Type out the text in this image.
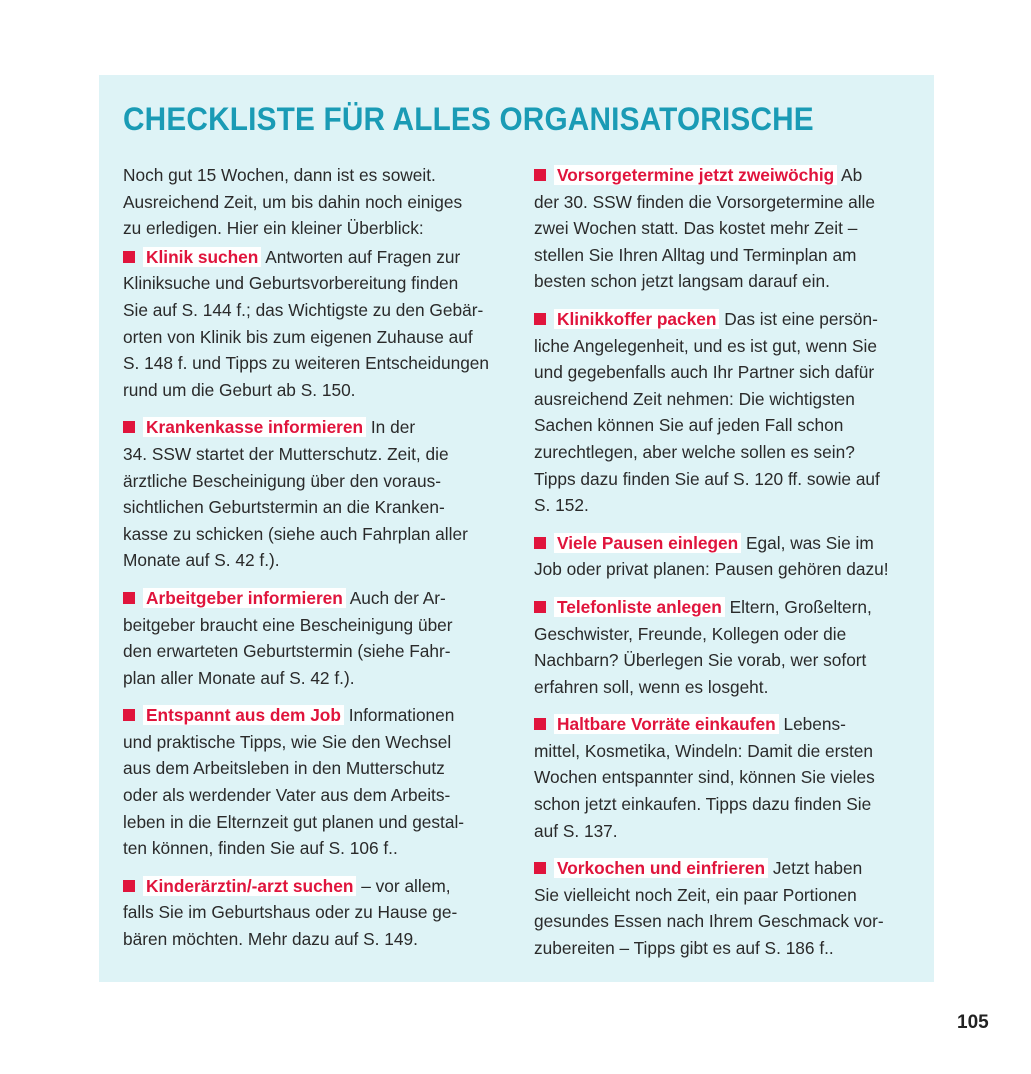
CHECKLISTE FÜR ALLES ORGANISATORISCHE
Noch gut 15 Wochen, dann ist es soweit.
Ausreichend Zeit, um bis dahin noch einiges
zu erledigen. Hier ein kleiner Überblick:
Klinik suchen Antworten auf Fragen zur
Kliniksuche und Geburtsvorbereitung finden
Sie auf S. 144 f.; das Wichtigste zu den Gebär-
orten von Klinik bis zum eigenen Zuhause auf
S. 148 f. und Tipps zu weiteren Entscheidungen
rund um die Geburt ab S. 150.
Krankenkasse informieren In der
34. SSW startet der Mutterschutz. Zeit, die
ärztliche Bescheinigung über den voraus-
sichtlichen Geburtstermin an die Kranken-
kasse zu schicken (siehe auch Fahrplan aller
Monate auf S. 42 f.).
Arbeitgeber informieren Auch der Ar-
beitgeber braucht eine Bescheinigung über
den erwarteten Geburtstermin (siehe Fahr-
plan aller Monate auf S. 42 f.).
Entspannt aus dem Job Informationen
und praktische Tipps, wie Sie den Wechsel
aus dem Arbeitsleben in den Mutterschutz
oder als werdender Vater aus dem Arbeits-
leben in die Elternzeit gut planen und gestal-
ten können, finden Sie auf S. 106 f..
Kinderärztin/-arzt suchen – vor allem,
falls Sie im Geburtshaus oder zu Hause ge-
bären möchten. Mehr dazu auf S. 149.
Vorsorgetermine jetzt zweiwöchig Ab
der 30. SSW finden die Vorsorgetermine alle
zwei Wochen statt. Das kostet mehr Zeit –
stellen Sie Ihren Alltag und Terminplan am
besten schon jetzt langsam darauf ein.
Klinikkoffer packen Das ist eine persön-
liche Angelegenheit, und es ist gut, wenn Sie
und gegebenfalls auch Ihr Partner sich dafür
ausreichend Zeit nehmen: Die wichtigsten
Sachen können Sie auf jeden Fall schon
zurechtlegen, aber welche sollen es sein?
Tipps dazu finden Sie auf S. 120 ff. sowie auf
S. 152.
Viele Pausen einlegen Egal, was Sie im
Job oder privat planen: Pausen gehören dazu!
Telefonliste anlegen Eltern, Großeltern,
Geschwister, Freunde, Kollegen oder die
Nachbarn? Überlegen Sie vorab, wer sofort
erfahren soll, wenn es losgeht.
Haltbare Vorräte einkaufen Lebens-
mittel, Kosmetika, Windeln: Damit die ersten
Wochen entspannter sind, können Sie vieles
schon jetzt einkaufen. Tipps dazu finden Sie
auf S. 137.
Vorkochen und einfrieren Jetzt haben
Sie vielleicht noch Zeit, ein paar Portionen
gesundes Essen nach Ihrem Geschmack vor-
zubereiten – Tipps gibt es auf S. 186 f..
105
